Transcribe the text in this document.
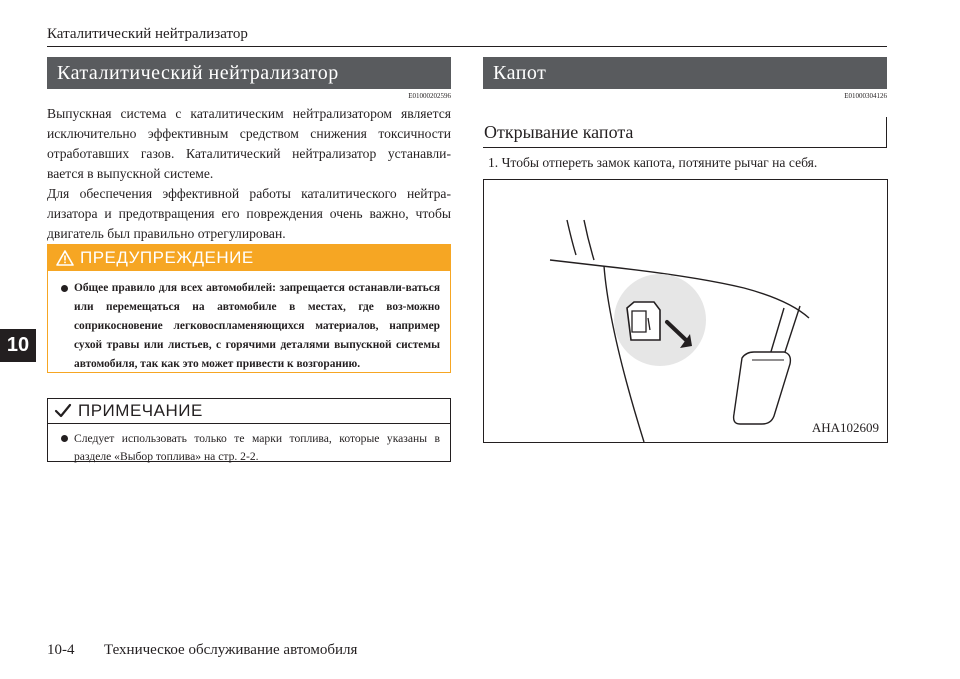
Каталитический нейтрализатор
10
Каталитический нейтрализатор
E01000202596
Выпускная система с каталитическим нейтрализатором является исключительно эффективным средством снижения токсичности отработавших газов. Каталитический нейтрализатор устанавли-вается в выпускной системе.
Для обеспечения эффективной работы каталитического нейтра-лизатора и предотвращения его повреждения очень важно, чтобы двигатель был правильно отрегулирован.
ПРЕДУПРЕЖДЕНИЕ
Общее правило для всех автомобилей: запрещается останавли-ваться или перемещаться на автомобиле в местах, где воз-можно соприкосновение легковоспламеняющихся материалов, например сухой травы или листьев, с горячими деталями выпускной системы автомобиля, так как это может привести к возгоранию.
ПРИМЕЧАНИЕ
Следует использовать только те марки топлива, которые указаны в разделе «Выбор топлива» на стр. 2-2.
Капот
E01000304126
Открывание капота
1. Чтобы отпереть замок капота, потяните рычаг на себя.
AHA102609
10-4 Техническое обслуживание автомобиля
